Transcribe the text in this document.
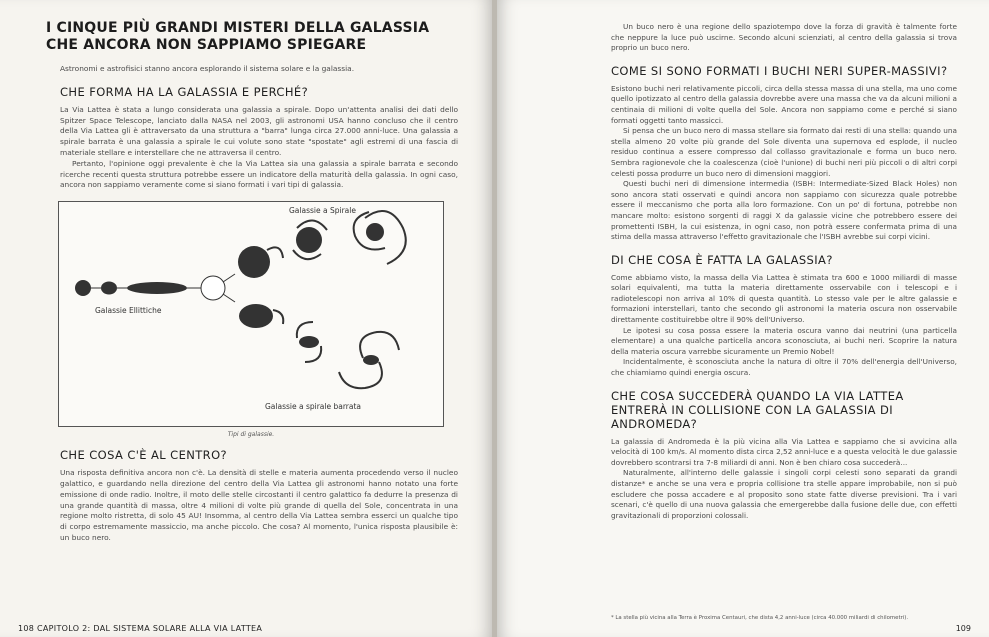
I CINQUE PIÙ GRANDI MISTERI DELLA GALASSIA CHE ANCORA NON SAPPIAMO SPIEGARE

Astronomi e astrofisici stanno ancora esplorando il sistema solare e la galassia.

CHE FORMA HA LA GALASSIA E PERCHÉ?

La Via Lattea è stata a lungo considerata una galassia a spirale. Dopo un'attenta analisi dei dati dello Spitzer Space Telescope, lanciato dalla NASA nel 2003, gli astronomi USA hanno concluso che il centro della Via Lattea gli è attraversato da una struttura a "barra" lunga circa 27.000 anni-luce. Una galassia a spirale barrata è una galassia a spirale le cui volute sono state "spostate" agli estremi di una fascia di materiale stellare e interstellare che ne attraversa il centro.

Pertanto, l'opinione oggi prevalente è che la Via Lattea sia una galassia a spirale barrata e secondo ricerche recenti questa struttura potrebbe essere un indicatore della maturità della galassia. In ogni caso, ancora non sappiamo veramente come si siano formati i vari tipi di galassia.

Galassie a Spirale
Galassie Ellittiche
Galassie a spirale barrata
Tipi di galassie.
CHE COSA C'È AL CENTRO?

Una risposta definitiva ancora non c'è. La densità di stelle e materia aumenta procedendo verso il nucleo galattico, e guardando nella direzione del centro della Via Lattea gli astronomi hanno notato una forte emissione di onde radio. Inoltre, il moto delle stelle circostanti il centro galattico fa dedurre la presenza di una grande quantità di massa, oltre 4 milioni di volte più grande di quella del Sole, concentrata in una regione molto ristretta, di solo 45 AU! Insomma, al centro della Via Lattea sembra esserci un qualche tipo di corpo estremamente massiccio, ma anche piccolo. Che cosa? Al momento, l'unica risposta plausibile è: un buco nero.

108 CAPITOLO 2: DAL SISTEMA SOLARE ALLA VIA LATTEA

Un buco nero è una regione dello spaziotempo dove la forza di gravità è talmente forte che neppure la luce può uscirne. Secondo alcuni scienziati, al centro della galassia si trova proprio un buco nero.

COME SI SONO FORMATI I BUCHI NERI SUPER-MASSIVI?

Esistono buchi neri relativamente piccoli, circa della stessa massa di una stella, ma uno come quello ipotizzato al centro della galassia dovrebbe avere una massa che va da alcuni milioni a centinaia di milioni di volte quella del Sole. Ancora non sappiamo come e perché si siano formati oggetti tanto massicci.

Si pensa che un buco nero di massa stellare sia formato dai resti di una stella: quando una stella almeno 20 volte più grande del Sole diventa una supernova ed esplode, il nucleo residuo continua a essere compresso dal collasso gravitazionale e forma un buco nero. Sembra ragionevole che la coalescenza (cioè l'unione) di buchi neri più piccoli o di altri corpi celesti possa produrre un buco nero di dimensioni maggiori.

Questi buchi neri di dimensione intermedia (ISBH: Intermediate-Sized Black Holes) non sono ancora stati osservati e quindi ancora non sappiamo con sicurezza quale potrebbe essere il meccanismo che porta alla loro formazione. Con un po' di fortuna, potrebbe non mancare molto: esistono sorgenti di raggi X da galassie vicine che potrebbero essere dei promettenti ISBH, la cui esistenza, in ogni caso, non potrà essere confermata prima di una stima della massa attraverso l'effetto gravitazionale che l'ISBH avrebbe sui corpi vicini.

DI CHE COSA È FATTA LA GALASSIA?

Come abbiamo visto, la massa della Via Lattea è stimata tra 600 e 1000 miliardi di masse solari equivalenti, ma tutta la materia direttamente osservabile con i telescopi e i radiotelescopi non arriva al 10% di questa quantità. Lo stesso vale per le altre galassie e formazioni interstellari, tanto che secondo gli astronomi la materia oscura non osservabile direttamente costituirebbe oltre il 90% dell'Universo.

Le ipotesi su cosa possa essere la materia oscura vanno dai neutrini (una particella elementare) a una qualche particella ancora sconosciuta, ai buchi neri. Scoprire la natura della materia oscura varrebbe sicuramente un Premio Nobel!

Incidentalmente, è sconosciuta anche la natura di oltre il 70% dell'energia dell'Universo, che chiamiamo quindi energia oscura.

CHE COSA SUCCEDERÀ QUANDO LA VIA LATTEA ENTRERÀ IN COLLISIONE CON LA GALASSIA DI ANDROMEDA?

La galassia di Andromeda è la più vicina alla Via Lattea e sappiamo che si avvicina alla velocità di 100 km/s. Al momento dista circa 2,52 anni-luce e a questa velocità le due galassie dovrebbero scontrarsi tra 7-8 miliardi di anni. Non è ben chiaro cosa succederà...

Naturalmente, all'interno delle galassie i singoli corpi celesti sono separati da grandi distanze* e anche se una vera e propria collisione tra stelle appare improbabile, non si può escludere che possa accadere e al proposito sono state fatte diverse previsioni. Tra i vari scenari, c'è quello di una nuova galassia che emergerebbe dalla fusione delle due, con effetti gravitazionali di proporzioni colossali.

* La stella più vicina alla Terra è Proxima Centauri, che dista 4,2 anni-luce (circa 40.000 miliardi di chilometri).
109
